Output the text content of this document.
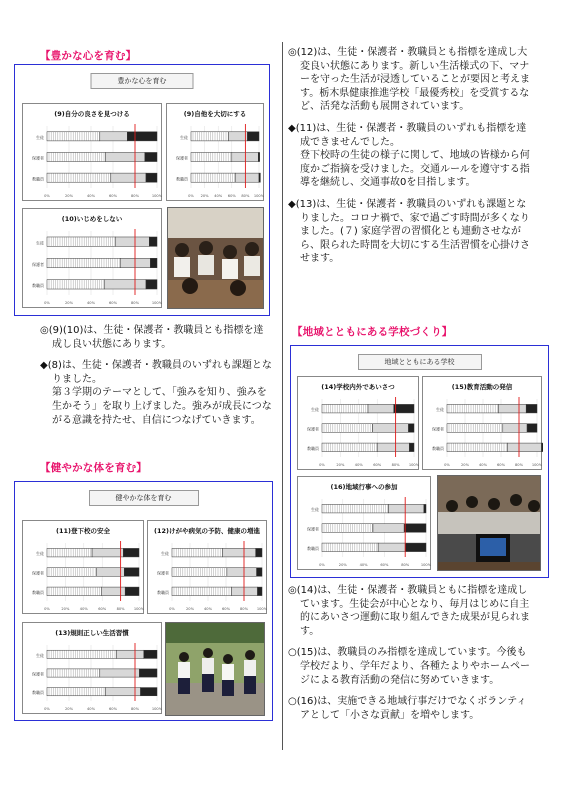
【豊かな心を育む】
豊かな心を育む
(9)自分の良さを見つける
0%	20%	40%	60%	80%	100%
生徒
保護者
教職員
(9)自他を大切にする
0% 20% 40% 60% 80% 100%
生徒
保護者
教職員
(10)いじめをしない
0%	20%	40%	60%	80%	100%
生徒
保護者
教職員

◎(9)(10)は、生徒・保護者・教職員とも指標を達成し良い状態にあります。

◆(8)は、生徒・保護者・教職員のいずれも課題となりました。
第３学期のテーマとして、「強みを知り、強みを生かそう」を取り上げました。強みが成長につながる意識を持たせ、自信につなげていきます。

【健やかな体を育む】
健やかな体を育む
(11)登下校の安全
0%	20%	40%	60%	80%	100%
生徒
保護者
教職員
(12)けがや病気の予防、健康の増進
0%	20%	40%	60%	80% 100%
生徒
保護者
教職員
(13)規則正しい生活習慣
0%	20%	40%	60%	80%	100%
生徒
保護者
教職員

◎(12)は、生徒・保護者・教職員とも指標を達成し大変良い状態にあります。新しい生活様式の下、マナーを守った生活が浸透していることが要因と考えます。栃木県健康推進学校「最優秀校」を受賞するなど、活発な活動も展開されています。

◆(11)は、生徒・保護者・教職員のいずれも指標を達成できませんでした。
登下校時の生徒の様子に関して、地域の皆様から何度かご指摘を受けました。交通ルールを遵守する指導を継続し、交通事故0を目指します。

◆(13)は、生徒・保護者・教職員のいずれも課題となりました。コロナ禍で、家で過ごす時間が多くなりました。(７) 家庭学習の習慣化とも連動させながら、限られた時間を大切にする生活習慣を心掛けさせます。

【地域とともにある学校づくり】
地域とともにある学校
(14)学校内外であいさつ
0%	20%	40%	60%	80%	100%
生徒
保護者
教職員
(15)教育活動の発信
0%	20%	40%	60%	80% 100%
生徒
保護者
教職員
(16)地域行事への参加
0%	20%	40%	60%	80%	100%
生徒
保護者
教職員

◎(14)は、生徒・保護者・教職員ともに指標を達成しています。生徒会が中心となり、毎月はじめに自主的にあいさつ運動に取り組んできた成果が見られます。

○(15)は、教職員のみ指標を達成しています。今後も学校だより、学年だより、各種たよりやホームページによる教育活動の発信に努めていきます。

○(16)は、実施できる地域行事だけでなくボランティアとして「小さな貢献」を増やします。
